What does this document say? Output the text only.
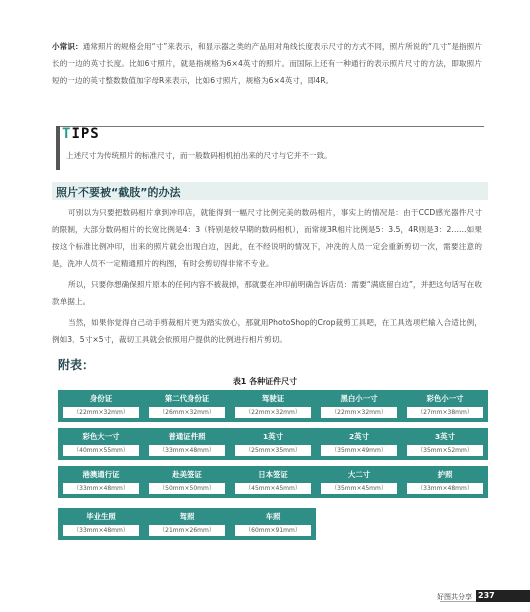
小常识：通常照片的规格会用“寸”来表示，和显示器之类的产品用对角线长度表示尺寸的方式不同，照片所说的“几寸”是指照片长的一边的英寸长度。比如6寸照片，就是指规格为6×4英寸的照片。而国际上还有一种通行的表示照片尺寸的方法，即取照片短的一边的英寸整数数值加字母R来表示，比如6寸照片，规格为6×4英寸，即4R。
TIPS
上述尺寸为传统照片的标准尺寸，而一般数码相机拍出来的尺寸与它并不一致。
照片不要被“截肢”的办法
可别以为只要把数码相片拿到冲印店，就能得到一幅尺寸比例完美的数码相片，事实上的情况是：由于CCD感光器件尺寸的限制，大部分数码相片的长宽比例是4：3（特别是较早期的数码相机），而常规3R相片比例是5：3.5，4R则是3：2……如果按这个标准比例冲印，出来的照片就会出现白边，因此，在不经说明的情况下，冲洗的人员一定会重新剪切一次，需要注意的是，洗冲人员不一定精通照片的构图，有时会剪切得非常不专业。
所以，只要你想确保照片原本的任何内容不被裁掉，那就要在冲印前明确告诉店员：需要“满底留白边”，并把这句话写在收款单据上。
当然，如果你觉得自己动手剪裁相片更为踏实放心，那就用PhotoShop的Crop裁剪工具吧，在工具选项栏输入合适比例，例如3．5寸×5寸，裁切工具就会依照用户提供的比例进行相片剪切。
附表：
表1 各种证件尺寸
身份证
（22mm×32mm）
第二代身份证
（26mm×32mm）
驾驶证
（22mm×32mm）
黑白小一寸
（22mm×32mm）
彩色小一寸
（27mm×38mm）
彩色大一寸
（40mm×55mm）
普通证件照
（33mm×48mm）
1英寸
（25mm×35mm）
2英寸
（35mm×49mm）
3英寸
（35mm×52mm）
港澳通行证
（33mm×48mm）
赴美签证
（50mm×50mm）
日本签证
（45mm×45mm）
大二寸
（35mm×45mm）
护照
（33mm×48mm）
毕业生照
（33mm×48mm）
驾照
（21mm×26mm）
车照
（60mm×91mm）
好图共分享 237
